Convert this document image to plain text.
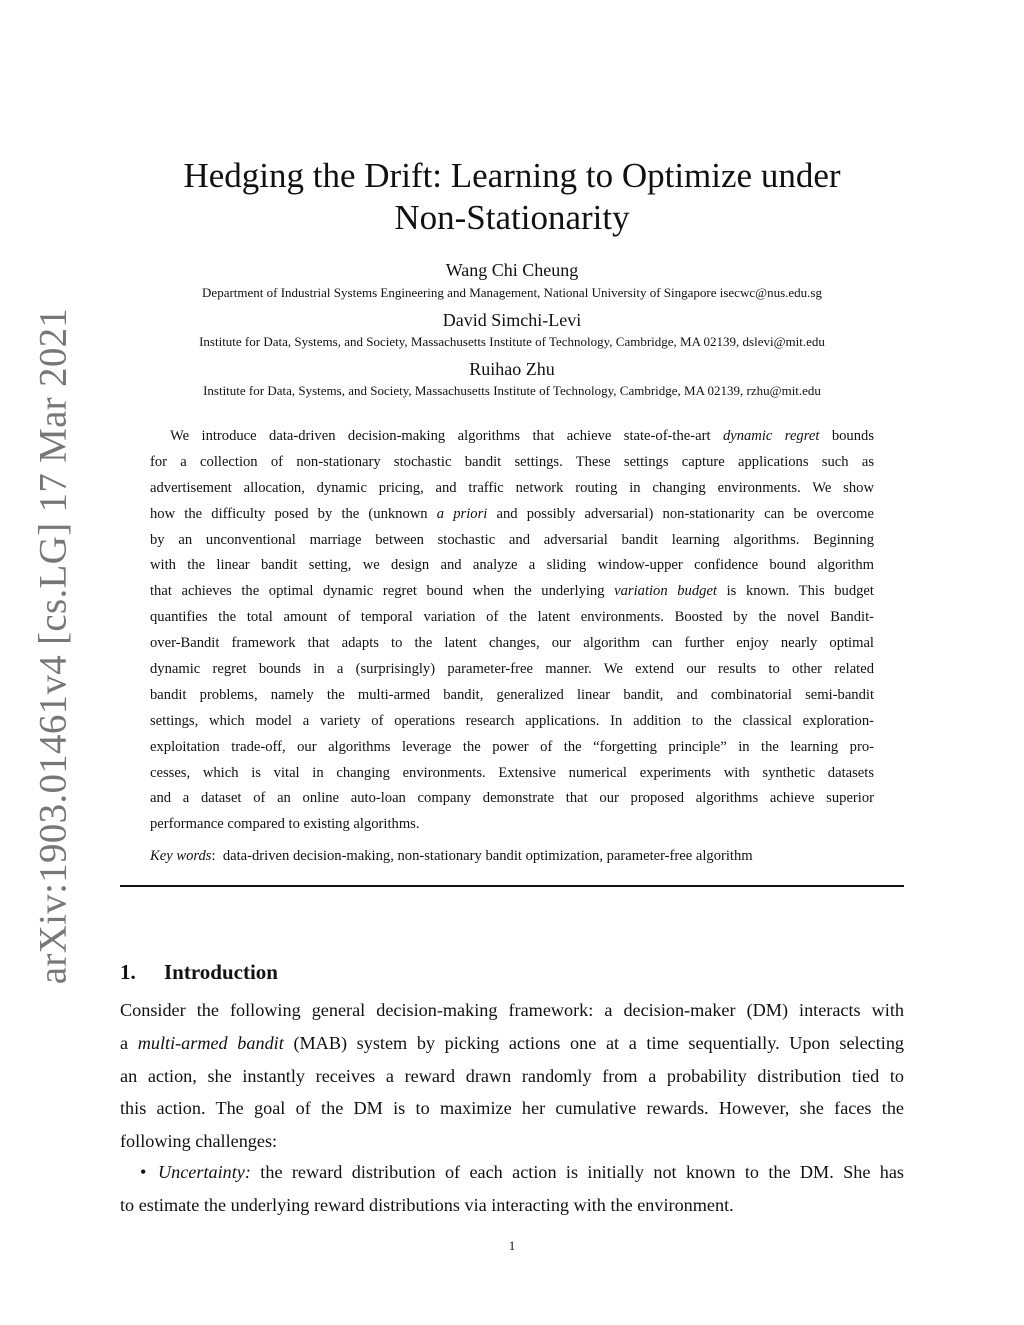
arXiv:1903.01461v4 [cs.LG] 17 Mar 2021
Hedging the Drift: Learning to Optimize under
Non-Stationarity
Wang Chi Cheung
Department of Industrial Systems Engineering and Management, National University of Singapore isecwc@nus.edu.sg
David Simchi-Levi
Institute for Data, Systems, and Society, Massachusetts Institute of Technology, Cambridge, MA 02139, dslevi@mit.edu
Ruihao Zhu
Institute for Data, Systems, and Society, Massachusetts Institute of Technology, Cambridge, MA 02139, rzhu@mit.edu
We introduce data-driven decision-making algorithms that achieve state-of-the-art dynamic regret bounds
for a collection of non-stationary stochastic bandit settings. These settings capture applications such as
advertisement allocation, dynamic pricing, and traffic network routing in changing environments. We show
how the difficulty posed by the (unknown a priori and possibly adversarial) non-stationarity can be overcome
by an unconventional marriage between stochastic and adversarial bandit learning algorithms. Beginning
with the linear bandit setting, we design and analyze a sliding window-upper confidence bound algorithm
that achieves the optimal dynamic regret bound when the underlying variation budget is known. This budget
quantifies the total amount of temporal variation of the latent environments. Boosted by the novel Bandit-
over-Bandit framework that adapts to the latent changes, our algorithm can further enjoy nearly optimal
dynamic regret bounds in a (surprisingly) parameter-free manner. We extend our results to other related
bandit problems, namely the multi-armed bandit, generalized linear bandit, and combinatorial semi-bandit
settings, which model a variety of operations research applications. In addition to the classical exploration-
exploitation trade-off, our algorithms leverage the power of the “forgetting principle” in the learning pro-
cesses, which is vital in changing environments. Extensive numerical experiments with synthetic datasets
and a dataset of an online auto-loan company demonstrate that our proposed algorithms achieve superior
performance compared to existing algorithms.
Key words: data-driven decision-making, non-stationary bandit optimization, parameter-free algorithm
1. Introduction
Consider the following general decision-making framework: a decision-maker (DM) interacts with
a multi-armed bandit (MAB) system by picking actions one at a time sequentially. Upon selecting
an action, she instantly receives a reward drawn randomly from a probability distribution tied to
this action. The goal of the DM is to maximize her cumulative rewards. However, she faces the
following challenges:
• Uncertainty: the reward distribution of each action is initially not known to the DM. She has
to estimate the underlying reward distributions via interacting with the environment.
1
